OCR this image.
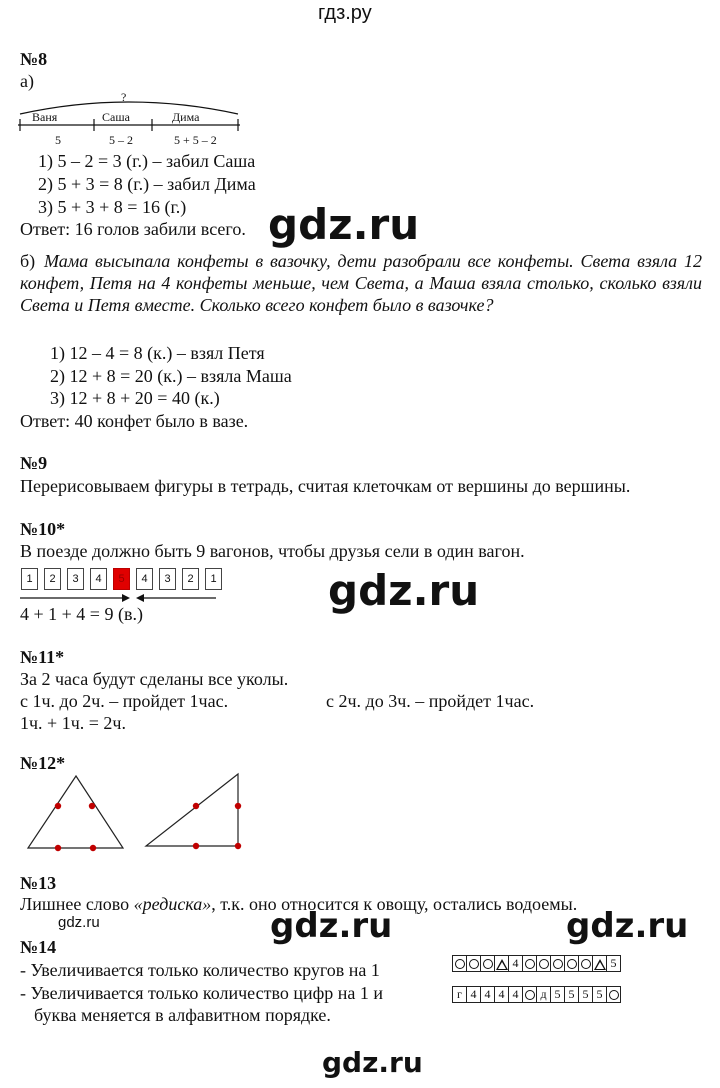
гдз.ру
№8
а)
?
Ваня	Саша	Дима
5	5 – 2	5 + 5 – 2
1) 5 – 2 = 3 (г.) – забил Саша
2) 5 + 3 = 8 (г.) – забил Дима
3) 5 + 3 + 8 = 16 (г.)
Ответ: 16 голов забили всего. gdz.ru
б) Мама высыпала конфеты в вазочку, дети разобрали все конфеты. Света взяла 12 конфет, Петя на 4 конфеты меньше, чем Света, а Маша взяла столько, сколько взяли Света и Петя вместе. Сколько всего конфет было в вазочке?
1) 12 – 4 = 8 (к.) – взял Петя
2) 12 + 8 = 20 (к.) – взяла Маша
3) 12 + 8 + 20 = 40 (к.)
Ответ: 40 конфет было в вазе.
№9
Перерисовываем фигуры в тетрадь, считая клеточкам от вершины до вершины.
№10*
В поезде должно быть 9 вагонов, чтобы друзья сели в один вагон.
1	2	3	4	5	4	3	2	1
4 + 1 + 4 = 9 (в.)	gdz.ru
№11*
За 2 часа будут сделаны все уколы.
с 1ч. до 2ч. – пройдет 1час.	с 2ч. до 3ч. – пройдет 1час.
1ч. + 1ч. = 2ч.
№12*
№13
Лишнее слово «редиска», т.к. оно относится к овощу, остались водоемы.
gdz.ru	gdz.ru	gdz.ru
№14
- Увеличивается только количество кругов на 1
- Увеличивается только количество цифр на 1 и
буква меняется в алфавитном порядке.
				4							5
г	4	4	4	4		д	5	5	5	5	
gdz.ru
